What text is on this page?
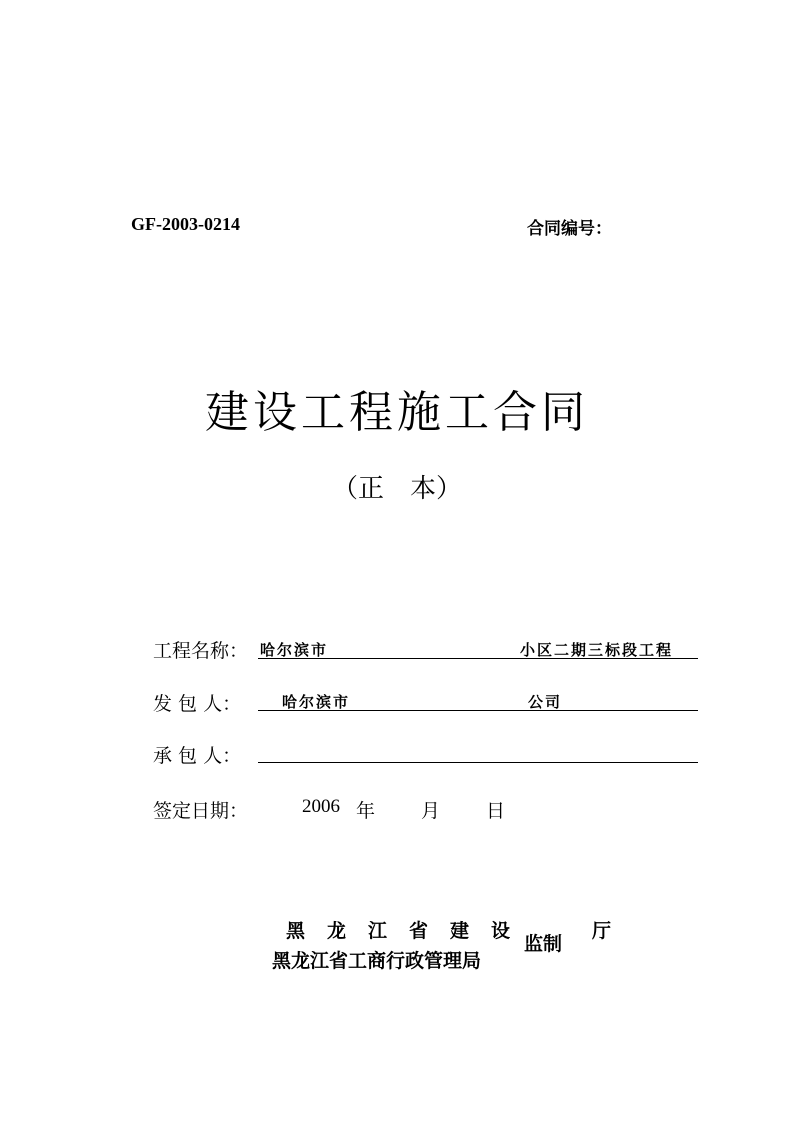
GF-2003-0214	合同编号：
建设工程施工合同
（正　本）
工程名称： 哈尔滨市	小区二期三标段工程
发 包 人：	哈尔滨市	公司
承 包 人：
签定日期：	2006 年 月 日
黑龙江省建设	厅
监制
黑龙江省工商行政管理局
